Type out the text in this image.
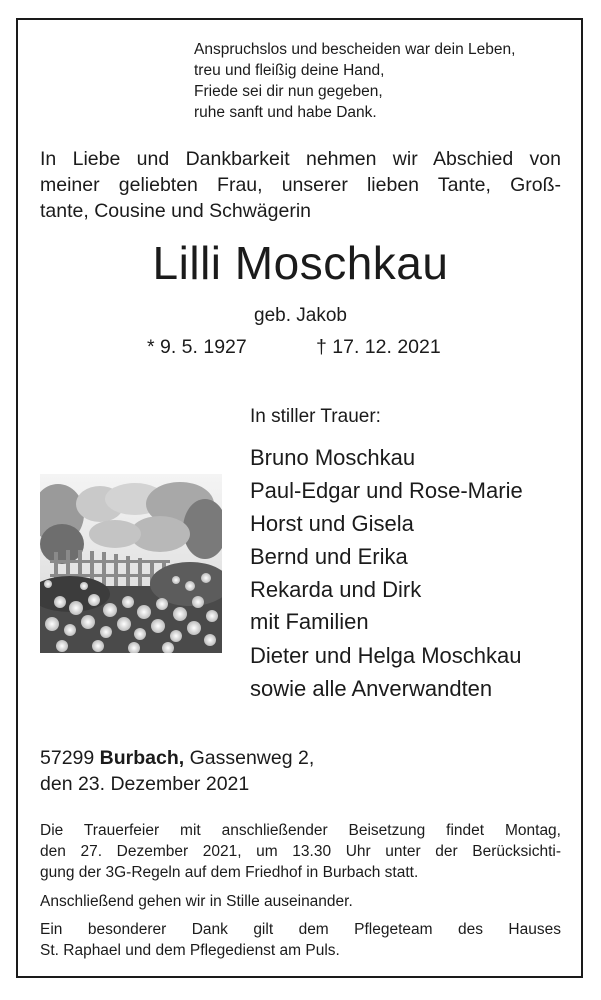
Anspruchslos und bescheiden war dein Leben,

treu und fleißig deine Hand,

Friede sei dir nun gegeben,

ruhe sanft und habe Dank.

In Liebe und Dankbarkeit nehmen wir Abschied von
meiner geliebten Frau, unserer lieben Tante, Groß-
tante, Cousine und Schwägerin

Lilli Moschkau

geb. Jakob

* 9. 5. 1927	† 17. 12. 2021

In stiller Trauer:

Bruno Moschkau

Paul-Edgar und Rose-Marie

Horst und Gisela

Bernd und Erika

Rekarda und Dirk

mit Familien

Dieter und Helga Moschkau

sowie alle Anverwandten

57299 Burbach, Gassenweg 2,

den 23. Dezember 2021

Die Trauerfeier mit anschließender Beisetzung findet Montag,
den 27. Dezember 2021, um 13.30 Uhr unter der Berücksichti-
gung der 3G-Regeln auf dem Friedhof in Burbach statt.
Anschließend gehen wir in Stille auseinander.
Ein besonderer Dank gilt dem Pflegeteam des Hauses
St. Raphael und dem Pflegedienst am Puls.
